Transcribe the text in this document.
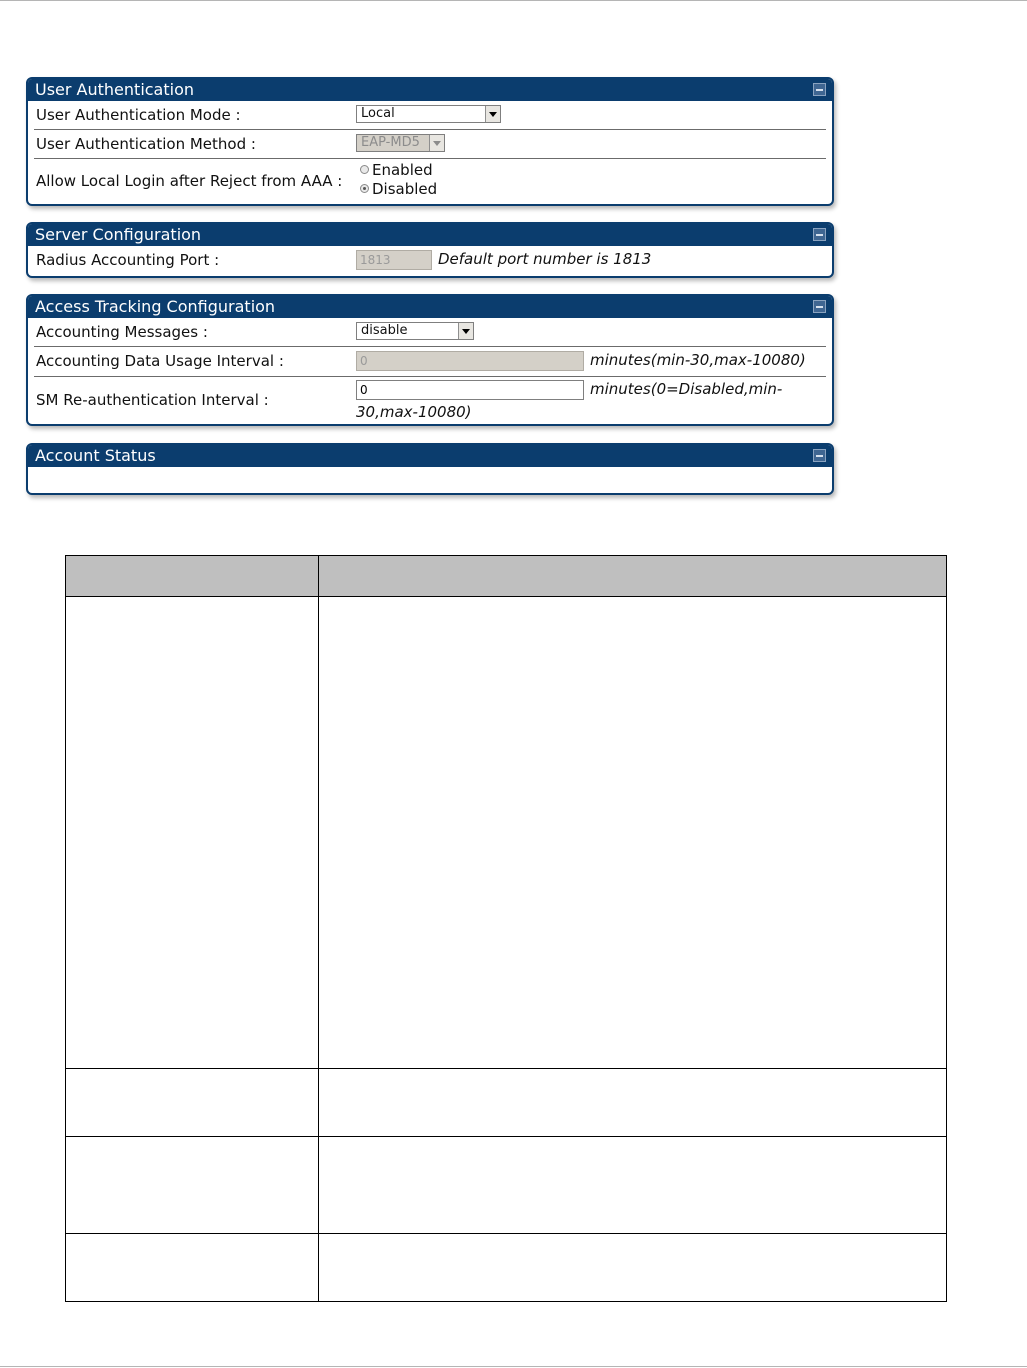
User Authentication
User Authentication Mode :	Local
User Authentication Method :	EAP-MD5
Allow Local Login after Reject from AAA :
Enabled
Disabled
Server Configuration
Radius Accounting Port :	1813	Default port number is 1813
Access Tracking Configuration
Accounting Messages :	disable
Accounting Data Usage Interval :	0	minutes(min-30,max-10080)
SM Re-authentication Interval :
0	minutes(0=Disabled,min-
30,max-10080)
Account Status
